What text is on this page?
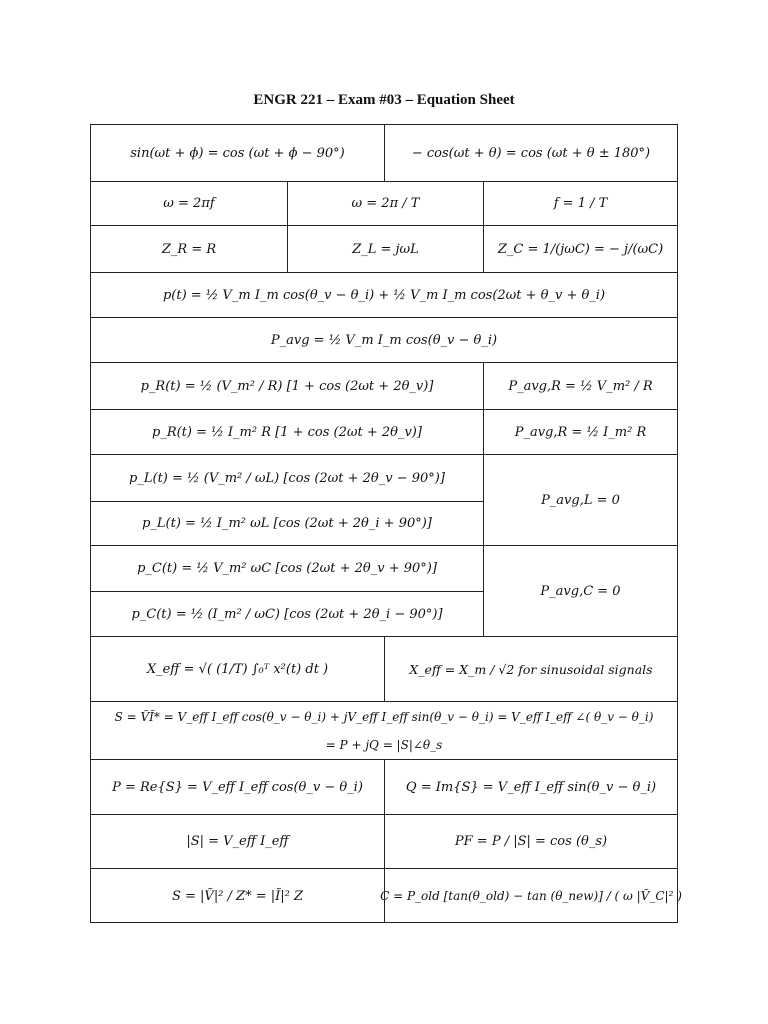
ENGR 221 – Exam #03 – Equation Sheet
sin(ωt + ϕ) = cos (ωt + ϕ − 90°)	− cos(ωt + θ) = cos (ωt + θ ± 180°)
ω = 2πf	ω = 2π / T	f = 1 / T
Z_R = R	Z_L = jωL	Z_C = 1/(jωC) = − j/(ωC)
p(t) = ½ V_m I_m cos(θ_v − θ_i) + ½ V_m I_m cos(2ωt + θ_v + θ_i)
P_avg = ½ V_m I_m cos(θ_v − θ_i)
p_R(t) = ½ (V_m² / R) [1 + cos (2ωt + 2θ_v)]	P_avg,R = ½ V_m² / R
p_R(t) = ½ I_m² R [1 + cos (2ωt + 2θ_v)]	P_avg,R = ½ I_m² R
p_L(t) = ½ (V_m² / ωL) [cos (2ωt + 2θ_v − 90°)]
p_L(t) = ½ I_m² ωL [cos (2ωt + 2θ_i + 90°)]
P_avg,L = 0
p_C(t) = ½ V_m² ωC [cos (2ωt + 2θ_v + 90°)]
p_C(t) = ½ (I_m² / ωC) [cos (2ωt + 2θ_i − 90°)]
P_avg,C = 0
X_eff = √( (1/T) ∫₀ᵀ x²(t) dt )	X_eff = X_m / √2 for sinusoidal signals
S = ṼĨ* = V_eff I_eff cos(θ_v − θ_i) + jV_eff I_eff sin(θ_v − θ_i) = V_eff I_eff ∠( θ_v − θ_i)
= P + jQ = |S|∠θ_s
P = Re{S} = V_eff I_eff cos(θ_v − θ_i)	Q = Im{S} = V_eff I_eff sin(θ_v − θ_i)
|S| = V_eff I_eff	PF = P / |S| = cos (θ_s)
S = |Ṽ|² / Z* = |Ĩ|² Z	C = P_old [tan(θ_old) − tan (θ_new)] / ( ω |Ṽ_C|² )
